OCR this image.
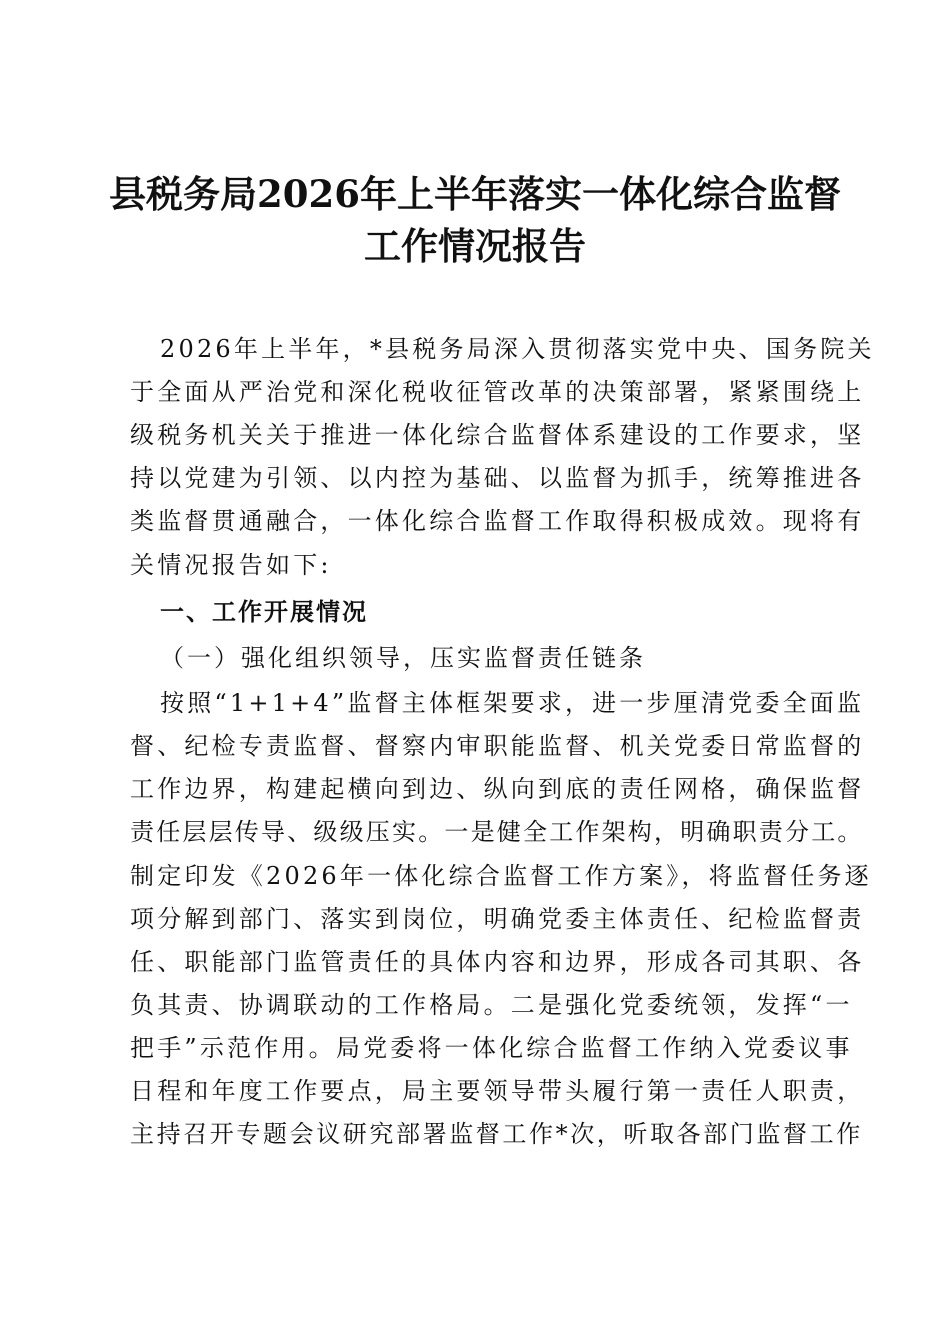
县税务局2026年上半年落实一体化综合监督
工作情况报告
2026年上半年，*县税务局深入贯彻落实党中央、国务院关
于全面从严治党和深化税收征管改革的决策部署，紧紧围绕上
级税务机关关于推进一体化综合监督体系建设的工作要求，坚
持以党建为引领、以内控为基础、以监督为抓手，统筹推进各
类监督贯通融合，一体化综合监督工作取得积极成效。现将有
关情况报告如下:
一、工作开展情况
（一）强化组织领导，压实监督责任链条
按照“1+1+4”监督主体框架要求，进一步厘清党委全面监
督、纪检专责监督、督察内审职能监督、机关党委日常监督的
工作边界，构建起横向到边、纵向到底的责任网格，确保监督
责任层层传导、级级压实。一是健全工作架构，明确职责分工。
制定印发《2026年一体化综合监督工作方案》，将监督任务逐
项分解到部门、落实到岗位，明确党委主体责任、纪检监督责
任、职能部门监管责任的具体内容和边界，形成各司其职、各
负其责、协调联动的工作格局。二是强化党委统领，发挥“一
把手”示范作用。局党委将一体化综合监督工作纳入党委议事
日程和年度工作要点，局主要领导带头履行第一责任人职责，
主持召开专题会议研究部署监督工作*次，听取各部门监督工作
